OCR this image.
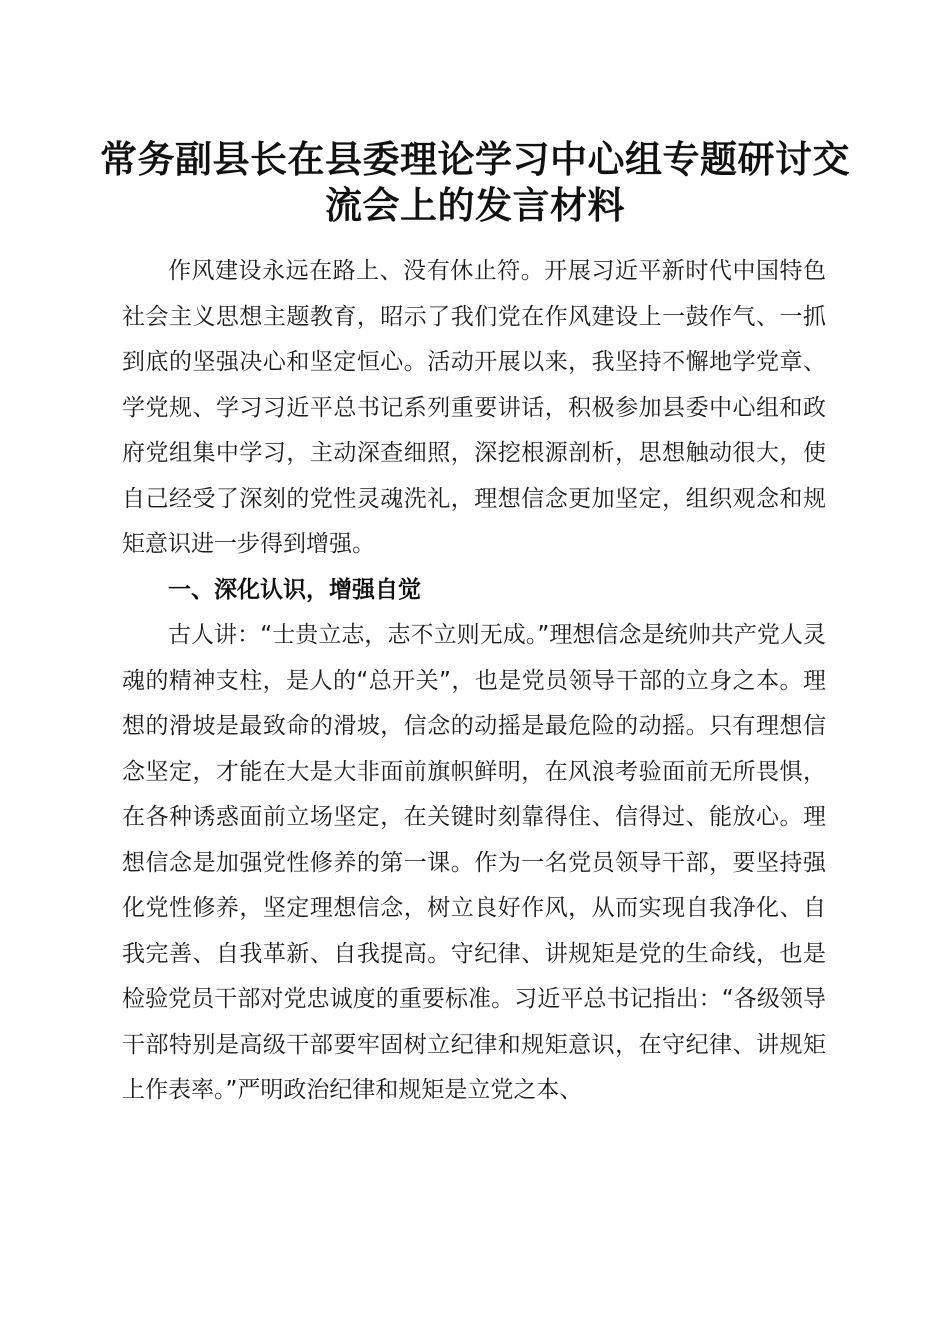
常务副县长在县委理论学习中心组专题研讨交
流会上的发言材料

作风建设永远在路上、没有休止符。开展习近平新时代中国特色社会主义思想主题教育，昭示了我们党在作风建设上一鼓作气、一抓到底的坚强决心和坚定恒心。活动开展以来，我坚持不懈地学党章、学党规、学习习近平总书记系列重要讲话，积极参加县委中心组和政府党组集中学习，主动深查细照，深挖根源剖析，思想触动很大，使自己经受了深刻的党性灵魂洗礼，理想信念更加坚定，组织观念和规矩意识进一步得到增强。

一、深化认识，增强自觉

古人讲：“士贵立志，志不立则无成。”理想信念是统帅共产党人灵魂的精神支柱，是人的“总开关”，也是党员领导干部的立身之本。理想的滑坡是最致命的滑坡，信念的动摇是最危险的动摇。只有理想信念坚定，才能在大是大非面前旗帜鲜明，在风浪考验面前无所畏惧，在各种诱惑面前立场坚定，在关键时刻靠得住、信得过、能放心。理想信念是加强党性修养的第一课。作为一名党员领导干部，要坚持强化党性修养，坚定理想信念，树立良好作风，从而实现自我净化、自我完善、自我革新、自我提高。守纪律、讲规矩是党的生命线，也是检验党员干部对党忠诚度的重要标准。习近平总书记指出：“各级领导干部特别是高级干部要牢固树立纪律和规矩意识，在守纪律、讲规矩上作表率。”严明政治纪律和规矩是立党之本、
